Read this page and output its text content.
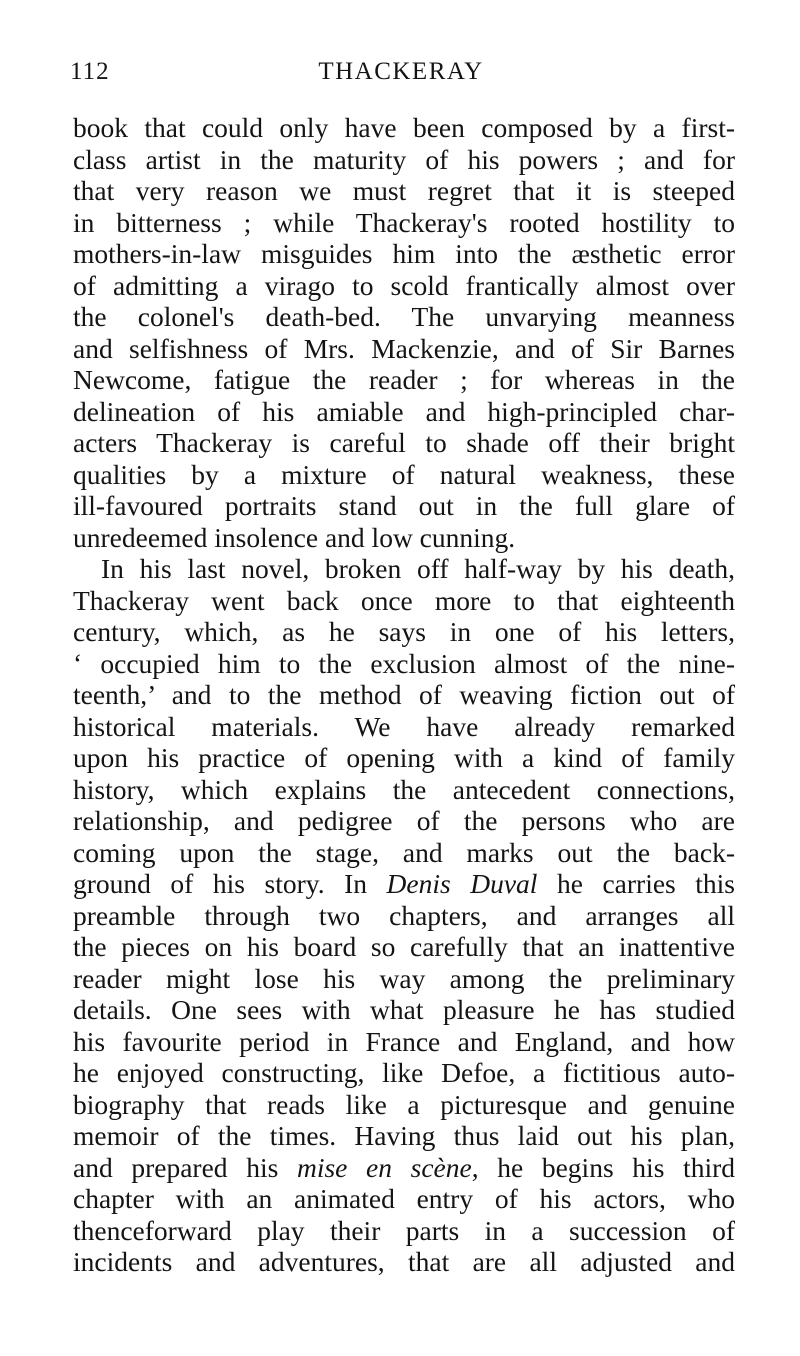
112	THACKERAY
book that could only have been composed by a first-
class artist in the maturity of his powers ; and for
that very reason we must regret that it is steeped
in bitterness ; while Thackeray's rooted hostility to
mothers-in-law misguides him into the æsthetic error
of admitting a virago to scold frantically almost over
the colonel's death-bed. The unvarying meanness
and selfishness of Mrs. Mackenzie, and of Sir Barnes
Newcome, fatigue the reader ; for whereas in the
delineation of his amiable and high-principled char-
acters Thackeray is careful to shade off their bright
qualities by a mixture of natural weakness, these
ill-favoured portraits stand out in the full glare of
unredeemed insolence and low cunning.
In his last novel, broken off half-way by his death,
Thackeray went back once more to that eighteenth
century, which, as he says in one of his letters,
‘ occupied him to the exclusion almost of the nine-
teenth,’ and to the method of weaving fiction out of
historical materials. We have already remarked
upon his practice of opening with a kind of family
history, which explains the antecedent connections,
relationship, and pedigree of the persons who are
coming upon the stage, and marks out the back-
ground of his story. In Denis Duval he carries this
preamble through two chapters, and arranges all
the pieces on his board so carefully that an inattentive
reader might lose his way among the preliminary
details. One sees with what pleasure he has studied
his favourite period in France and England, and how
he enjoyed constructing, like Defoe, a fictitious auto-
biography that reads like a picturesque and genuine
memoir of the times. Having thus laid out his plan,
and prepared his mise en scène, he begins his third
chapter with an animated entry of his actors, who
thenceforward play their parts in a succession of
incidents and adventures, that are all adjusted and
